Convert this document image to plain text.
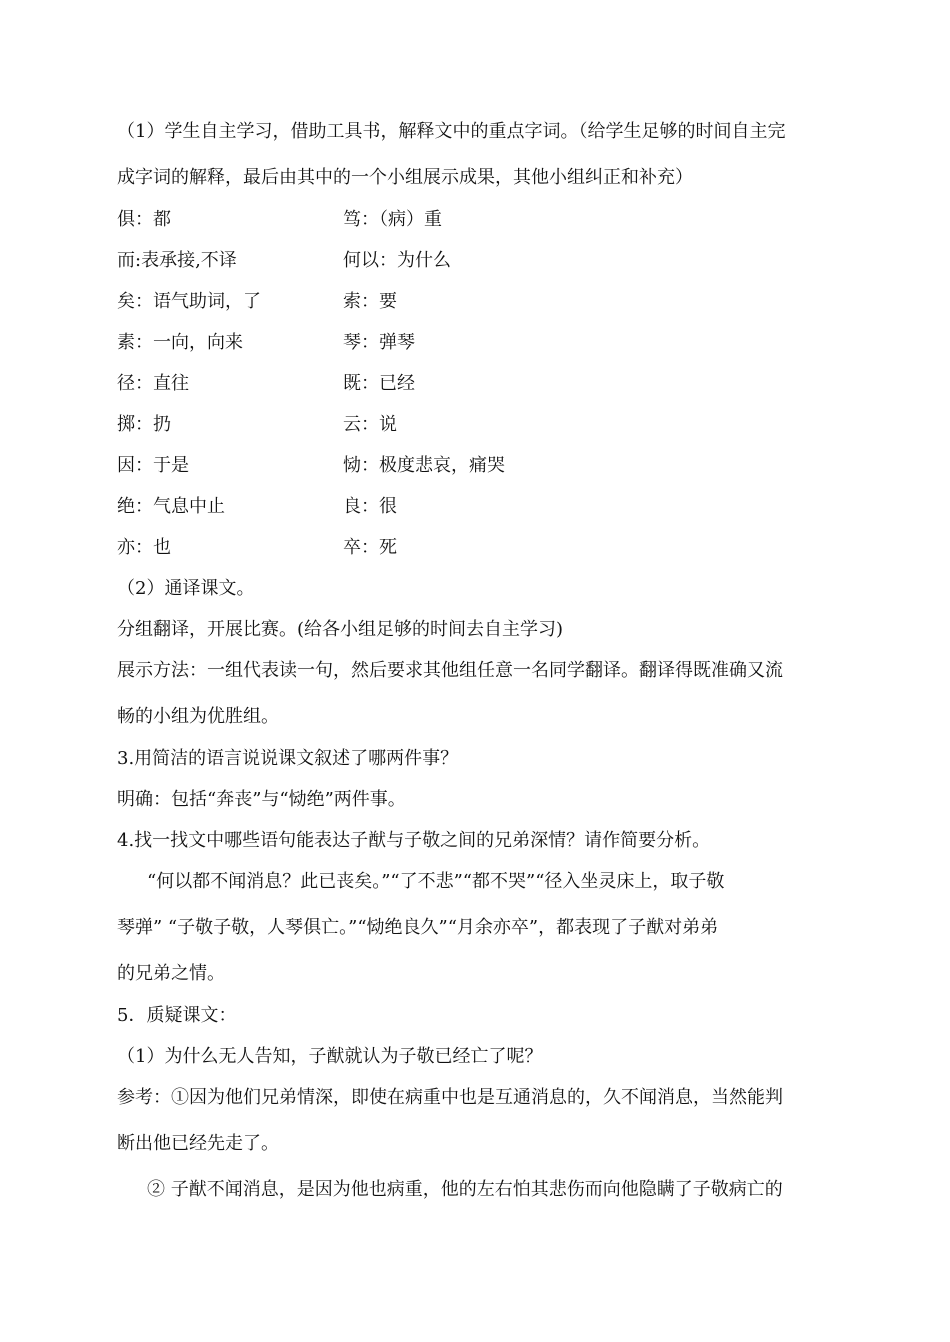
（1）学生自主学习，借助工具书，解释文中的重点字词。（给学生足够的时间自主完
成字词的解释，最后由其中的一个小组展示成果，其他小组纠正和补充）
俱：都	笃：（病）重
而:表承接,不译	何以：为什么
矣：语气助词，了	索：要
素：一向，向来	琴：弹琴
径：直往	既：已经
掷：扔	云：说
因：于是	恸：极度悲哀，痛哭
绝：气息中止	良：很
亦：也	卒：死
（2）通译课文。
分组翻译，开展比赛。(给各小组足够的时间去自主学习)
展示方法：一组代表读一句，然后要求其他组任意一名同学翻译。翻译得既准确又流
畅的小组为优胜组。
3.用简洁的语言说说课文叙述了哪两件事？
明确：包括“奔丧”与“恸绝”两件事。
4.找一找文中哪些语句能表达子猷与子敬之间的兄弟深情？请作简要分析。
“何以都不闻消息？此已丧矣。”“了不悲”“都不哭”“径入坐灵床上，取子敬
琴弹” “子敬子敬，人琴俱亡。”“恸绝良久”“月余亦卒”，都表现了子猷对弟弟
的兄弟之情。
5．质疑课文：
（1）为什么无人告知，子猷就认为子敬已经亡了呢？
参考：①因为他们兄弟情深，即使在病重中也是互通消息的，久不闻消息，当然能判
断出他已经先走了。
② 子猷不闻消息，是因为他也病重，他的左右怕其悲伤而向他隐瞒了子敬病亡的
